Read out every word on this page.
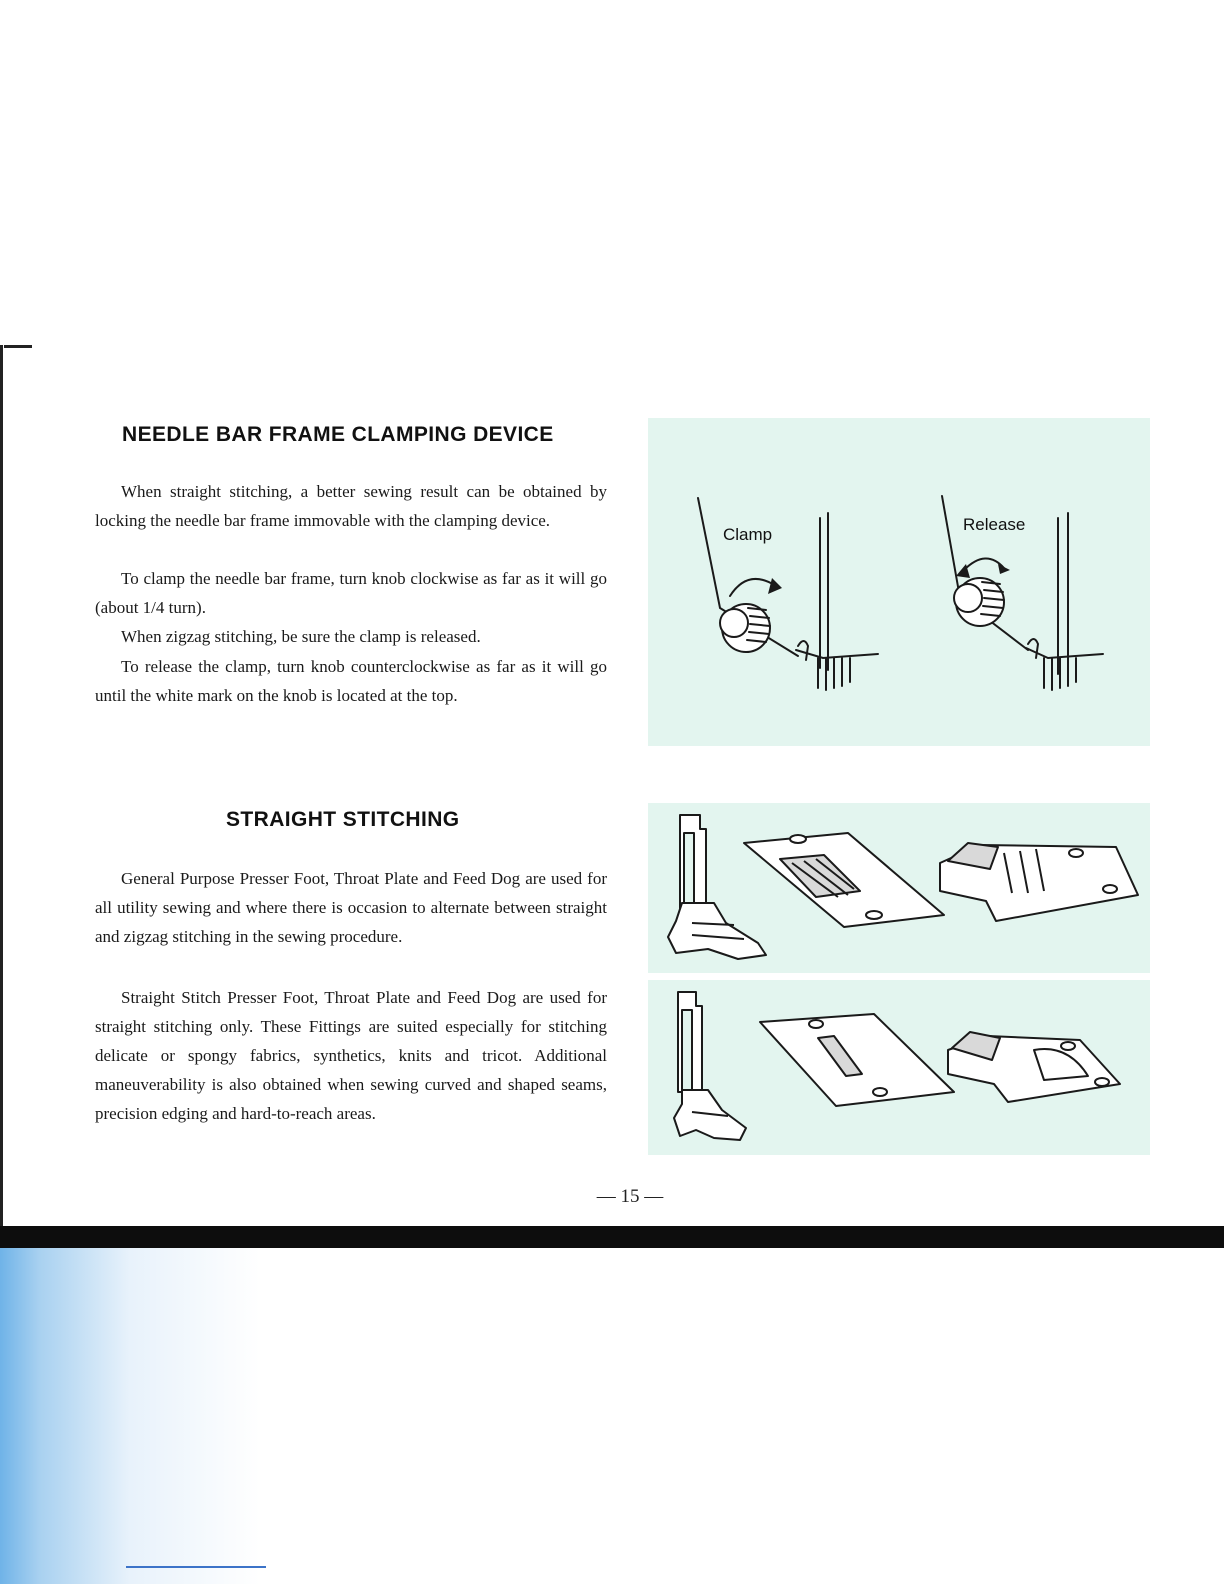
NEEDLE BAR FRAME CLAMPING DEVICE

When straight stitching, a better sewing result can be obtained by locking the needle bar frame immovable with the clamping device.

To clamp the needle bar frame, turn knob clockwise as far as it will go (about 1/4 turn).

When zigzag stitching, be sure the clamp is released.

To release the clamp, turn knob counterclockwise as far as it will go until the white mark on the knob is located at the top.

STRAIGHT STITCHING

General Purpose Presser Foot, Throat Plate and Feed Dog are used for all utility sewing and where there is occasion to alternate between straight and zigzag stitching in the sewing procedure.

Straight Stitch Presser Foot, Throat Plate and Feed Dog are used for straight stitching only. These Fittings are suited especially for stitching delicate or spongy fabrics, synthetics, knits and tricot. Additional maneuverability is also obtained when sewing curved and shaped seams, precision edging and hard-to-reach areas.

Clamp
Release
— 15 —
